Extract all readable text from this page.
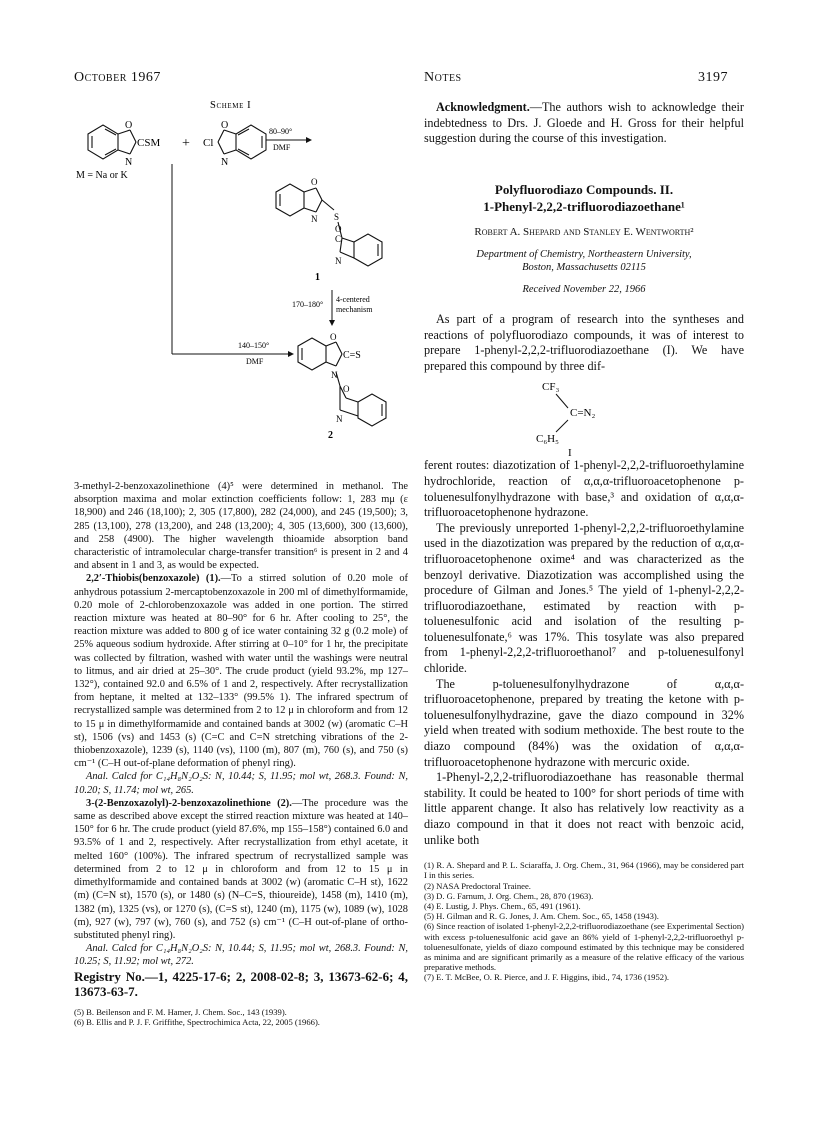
October 1967	Notes	3197
Scheme I
O
N
CSM
M = Na or K
+ Cl
O
N
80–90°
DMF
O
N S
C
O
N
1
170–180°
4-centered
mechanism
140–150°
DMF
O
C=S
N
O
N
2

3-methyl-2-benzoxazolinethione (4)⁵ were determined in methanol. The absorption maxima and molar extinction coefficients follow: 1, 283 mμ (ε 18,900) and 246 (18,100); 2, 305 (17,800), 282 (24,000), and 245 (19,500); 3, 285 (13,100), 278 (13,200), and 248 (13,200); 4, 305 (13,600), 300 (13,600), and 258 (4900). The higher wavelength thioamide absorption band characteristic of intramolecular charge-transfer transition⁶ is present in 2 and 4 and absent in 1 and 3, as would be expected.

2,2′-Thiobis(benzoxazole) (1).—To a stirred solution of 0.20 mole of anhydrous potassium 2-mercaptobenzoxazole in 200 ml of dimethylformamide, 0.20 mole of 2-chlorobenzoxazole was added in one portion. The stirred reaction mixture was heated at 80–90° for 6 hr. After cooling to 25°, the reaction mixture was added to 800 g of ice water containing 32 g (0.2 mole) of 25% aqueous sodium hydroxide. After stirring at 0–10° for 1 hr, the precipitate was collected by filtration, washed with water until the washings were neutral to litmus, and air dried at 25–30°. The crude product (yield 93.2%, mp 127–132°), contained 92.0 and 6.5% of 1 and 2, respectively. After recrystallization from heptane, it melted at 132–133° (99.5% 1). The infrared spectrum of recrystallized sample was determined from 2 to 12 μ in chloroform and from 12 to 15 μ in dimethylformamide and contained bands at 3002 (w) (aromatic C–H st), 1506 (vs) and 1453 (s) (C=C and C=N stretching vibrations of the 2-thiobenzoxazole), 1239 (s), 1140 (vs), 1100 (m), 807 (m), 760 (s), and 750 (s) cm⁻¹ (C–H out-of-plane deformation of phenyl ring).

Anal. Calcd for C₁₄H₈N₂O₂S: N, 10.44; S, 11.95; mol wt, 268.3. Found: N, 10.20; S, 11.74; mol wt, 265.

3-(2-Benzoxazolyl)-2-benzoxazolinethione (2).—The procedure was the same as described above except the stirred reaction mixture was heated at 140–150° for 6 hr. The crude product (yield 87.6%, mp 155–158°) contained 6.0 and 93.5% of 1 and 2, respectively. After recrystallization from ethyl acetate, it melted 160° (100%). The infrared spectrum of recrystallized sample was determined from 2 to 12 μ in chloroform and from 12 to 15 μ in dimethylformamide and contained bands at 3002 (w) (aromatic C–H st), 1622 (m) (C=N st), 1570 (s), or 1480 (s) (N–C=S, thioureide), 1458 (m), 1410 (m), 1382 (m), 1325 (vs), or 1270 (s), (C=S st), 1240 (m), 1175 (w), 1089 (w), 1028 (m), 927 (w), 797 (w), 760 (s), and 752 (s) cm⁻¹ (C–H out-of-plane of ortho-substituted phenyl ring).

Anal. Calcd for C₁₄H₈N₂O₂S: N, 10.44; S, 11.95; mol wt, 268.3. Found: N, 10.25; S, 11.92; mol wt, 272.

Registry No.—1, 4225-17-6; 2, 2008-02-8; 3, 13673-62-6; 4, 13673-63-7.

(5) B. Beilenson and F. M. Hamer, J. Chem. Soc., 143 (1939).

(6) B. Ellis and P. J. F. Griffithe, Spectrochimica Acta, 22, 2005 (1966).

Acknowledgment.—The authors wish to acknowledge their indebtedness to Drs. J. Gloede and H. Gross for their helpful suggestion during the course of this investigation.

Polyfluorodiazo Compounds. II.
1-Phenyl-2,2,2-trifluorodiazoethane¹
Robert A. Shepard and Stanley E. Wentworth²
Department of Chemistry, Northeastern University,
Boston, Massachusetts 02115
Received November 22, 1966

As part of a program of research into the syntheses and reactions of polyfluorodiazo compounds, it was of interest to prepare 1-phenyl-2,2,2-trifluorodiazoethane (I). We have prepared this compound by three dif-

CF₃
C=N₂
C₆H₅
I

ferent routes: diazotization of 1-phenyl-2,2,2-trifluoroethylamine hydrochloride, reaction of α,α,α-trifluoroacetophenone p-toluenesulfonylhydrazone with base,³ and oxidation of α,α,α-trifluoroacetophenone hydrazone.

The previously unreported 1-phenyl-2,2,2-trifluoroethylamine used in the diazotization was prepared by the reduction of α,α,α-trifluoroacetophenone oxime⁴ and was characterized as the benzoyl derivative. Diazotization was accomplished using the procedure of Gilman and Jones.⁵ The yield of 1-phenyl-2,2,2-trifluorodiazoethane, estimated by reaction with p-toluenesulfonic acid and isolation of the resulting p-toluenesulfonate,⁶ was 17%. This tosylate was also prepared from 1-phenyl-2,2,2-trifluoroethanol⁷ and p-toluenesulfonyl chloride.

The p-toluenesulfonylhydrazone of α,α,α-trifluoroacetophenone, prepared by treating the ketone with p-toluenesulfonylhydrazine, gave the diazo compound in 32% yield when treated with sodium methoxide. The best route to the diazo compound (84%) was the oxidation of α,α,α-trifluoroacetophenone hydrazone with mercuric oxide.

1-Phenyl-2,2,2-trifluorodiazoethane has reasonable thermal stability. It could be heated to 100° for short periods of time with little apparent change. It also has relatively low reactivity as a diazo compound in that it does not react with benzoic acid, unlike both

(1) R. A. Shepard and P. L. Sciaraffa, J. Org. Chem., 31, 964 (1966), may be considered part I in this series.

(2) NASA Predoctoral Trainee.

(3) D. G. Farnum, J. Org. Chem., 28, 870 (1963).

(4) E. Lustig, J. Phys. Chem., 65, 491 (1961).

(5) H. Gilman and R. G. Jones, J. Am. Chem. Soc., 65, 1458 (1943).

(6) Since reaction of isolated 1-phenyl-2,2,2-trifluorodiazoethane (see Experimental Section) with excess p-toluenesulfonic acid gave an 86% yield of 1-phenyl-2,2,2-trifluoroethyl p-toluenesulfonate, yields of diazo compound estimated by this technique may be considered as minima and are significant primarily as a measure of the relative efficacy of the various preparative methods.

(7) E. T. McBee, O. R. Pierce, and J. F. Higgins, ibid., 74, 1736 (1952).
